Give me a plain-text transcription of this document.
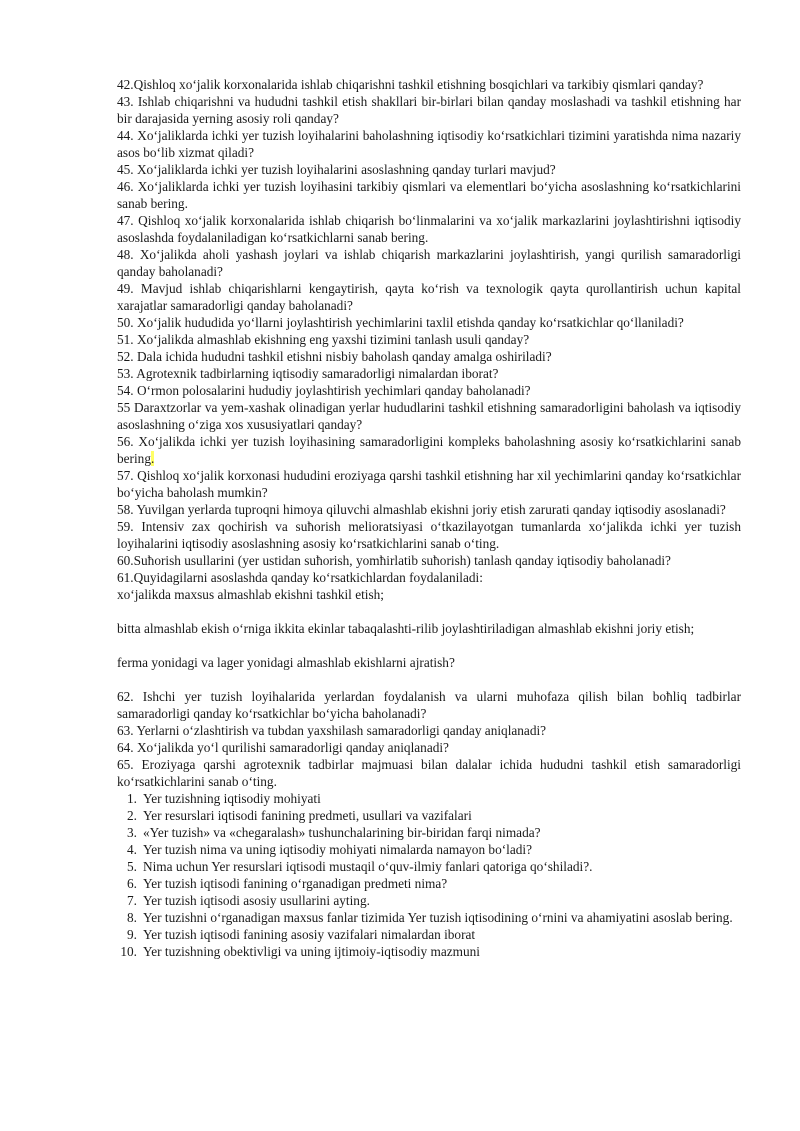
42.Qishloq xo‘jalik korxonalarida ishlab chiqarishni tashkil etishning bosqichlari va tarkibiy qismlari qanday?

43. Ishlab chiqarishni va hududni tashkil etish shakllari bir-birlari bilan qanday moslashadi va tashkil etishning har bir darajasida yerning asosiy roli qanday?

44. Xo‘jaliklarda ichki yer tuzish loyihalarini baholashning iqtisodiy ko‘rsatkichlari tizimini yaratishda nima nazariy asos bo‘lib xizmat qiladi?

45. Xo‘jaliklarda ichki yer tuzish loyihalarini asoslashning qanday turlari mavjud?

46. Xo‘jaliklarda ichki yer tuzish loyihasini tarkibiy qismlari va elementlari bo‘yicha asoslashning ko‘rsatkichlarini sanab bering.

47. Qishloq xo‘jalik korxonalarida ishlab chiqarish bo‘linmalarini va xo‘jalik markazlarini joylashtirishni iqtisodiy asoslashda foydalaniladigan ko‘rsatkichlarni sanab bering.

48. Xo‘jalikda aholi yashash joylari va ishlab chiqarish markazlarini joylashtirish, yangi qurilish samaradorligi qanday baholanadi?

49. Mavjud ishlab chiqarishlarni kengaytirish, qayta ko‘rish va texnologik qayta qurollantirish uchun kapital xarajatlar samaradorligi qanday baholanadi?

50. Xo‘jalik hududida yo‘llarni joylashtirish yechimlarini taxlil etishda qanday ko‘rsatkichlar qo‘llaniladi?

51. Xo‘jalikda almashlab ekishning eng yaxshi tizimini tanlash usuli qanday?

52. Dala ichida hududni tashkil etishni nisbiy baholash qanday amalga oshiriladi?

53. Agrotexnik tadbirlarning iqtisodiy samaradorligi nimalardan iborat?

54. O‘rmon polosalarini hududiy joylashtirish yechimlari qanday baholanadi?

55 Daraxtzorlar va yem-xashak olinadigan yerlar hududlarini tashkil etishning samaradorligini baholash va iqtisodiy asoslashning o‘ziga xos xususiyatlari qanday?

56. Xo‘jalikda ichki yer tuzish loyihasining samaradorligini kompleks baholashning asosiy ko‘rsatkichlarini sanab bering.

57. Qishloq xo‘jalik korxonasi hududini eroziyaga qarshi tashkil etishning har xil yechimlarini qanday ko‘rsatkichlar bo‘yicha baholash mumkin?

58. Yuvilgan yerlarda tuproqni himoya qiluvchi almashlab ekishni joriy etish zarurati qanday iqtisodiy asoslanadi?

59. Intensiv zax qochirish va suħorish melioratsiyasi o‘tkazilayotgan tumanlarda xo‘jalikda ichki yer tuzish loyihalarini iqtisodiy asoslashning asosiy ko‘rsatkichlarini sanab o‘ting.

60.Suħorish usullarini (yer ustidan suħorish, yomħirlatib suħorish) tanlash qanday iqtisodiy baholanadi?

61.Quyidagilarni asoslashda qanday ko‘rsatkichlardan foydalaniladi:

xo‘jalikda maxsus almashlab ekishni tashkil etish;

bitta almashlab ekish o‘rniga ikkita ekinlar tabaqalashti-rilib joylashtiriladigan almashlab ekishni joriy etish;

ferma yonidagi va lager yonidagi almashlab ekishlarni ajratish?

62. Ishchi yer tuzish loyihalarida yerlardan foydalanish va ularni muhofaza qilish bilan boħliq tadbirlar samaradorligi qanday ko‘rsatkichlar bo‘yicha baholanadi?

63. Yerlarni o‘zlashtirish va tubdan yaxshilash samaradorligi qanday aniqlanadi?

64. Xo‘jalikda yo‘l qurilishi samaradorligi qanday aniqlanadi?

65. Eroziyaga qarshi agrotexnik tadbirlar majmuasi bilan dalalar ichida hududni tashkil etish samaradorligi ko‘rsatkichlarini sanab o‘ting.

1. Yer tuzishning iqtisodiy mohiyati
2. Yer resurslari iqtisodi fanining predmeti, usullari va vazifalari
3. «Yer tuzish» va «chegaralash» tushunchalarining bir-biridan farqi nimada?
4. Yer tuzish nima va uning iqtisodiy mohiyati nimalarda namayon bo‘ladi?
5. Nima uchun Yer resurslari iqtisodi mustaqil o‘quv-ilmiy fanlari qatoriga qo‘shiladi?.
6. Yer tuzish iqtisodi fanining o‘rganadigan predmeti nima?
7. Yer tuzish iqtisodi asosiy usullarini ayting.
8. Yer tuzishni o‘rganadigan maxsus fanlar tizimida Yer tuzish iqtisodining o‘rnini va ahamiyatini asoslab bering.
9. Yer tuzish iqtisodi fanining asosiy vazifalari nimalardan iborat
10. Yer tuzishning obektivligi va uning ijtimoiy-iqtisodiy mazmuni
